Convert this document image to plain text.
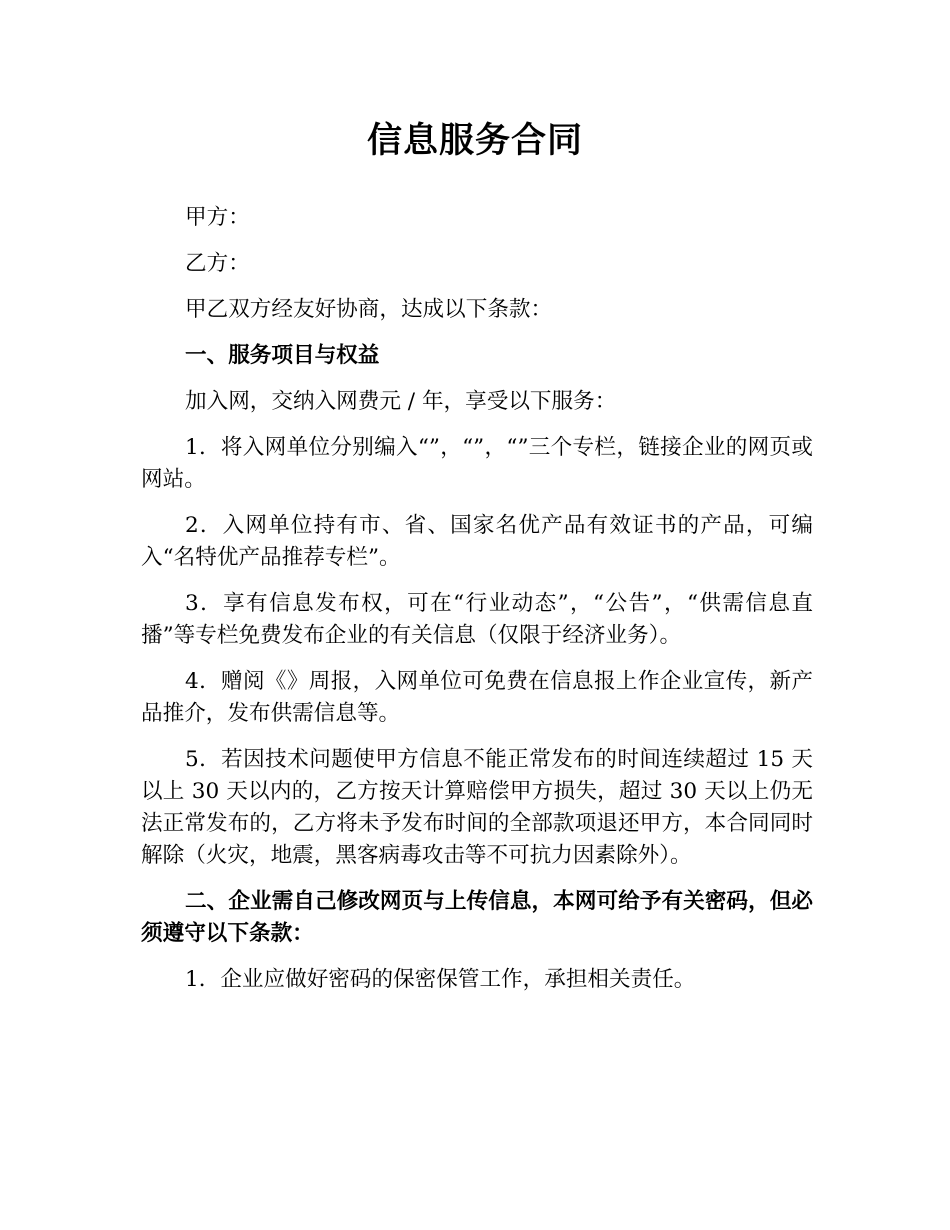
信息服务合同

甲方：

乙方：

甲乙双方经友好协商，达成以下条款：

一、服务项目与权益

加入网，交纳入网费元 / 年，享受以下服务：

1．将入网单位分别编入“”，“”，“”三个专栏，链接企业的网页或网站。

2．入网单位持有市、省、国家名优产品有效证书的产品，可编入“名特优产品推荐专栏”。

3．享有信息发布权，可在“行业动态”，“公告”，“供需信息直播”等专栏免费发布企业的有关信息（仅限于经济业务）。

4．赠阅《》周报，入网单位可免费在信息报上作企业宣传，新产品推介，发布供需信息等。

5．若因技术问题使甲方信息不能正常发布的时间连续超过 15 天以上 30 天以内的，乙方按天计算赔偿甲方损失，超过 30 天以上仍无法正常发布的，乙方将未予发布时间的全部款项退还甲方，本合同同时解除（火灾，地震，黑客病毒攻击等不可抗力因素除外）。

二、企业需自己修改网页与上传信息，本网可给予有关密码，但必须遵守以下条款：

1．企业应做好密码的保密保管工作，承担相关责任。
